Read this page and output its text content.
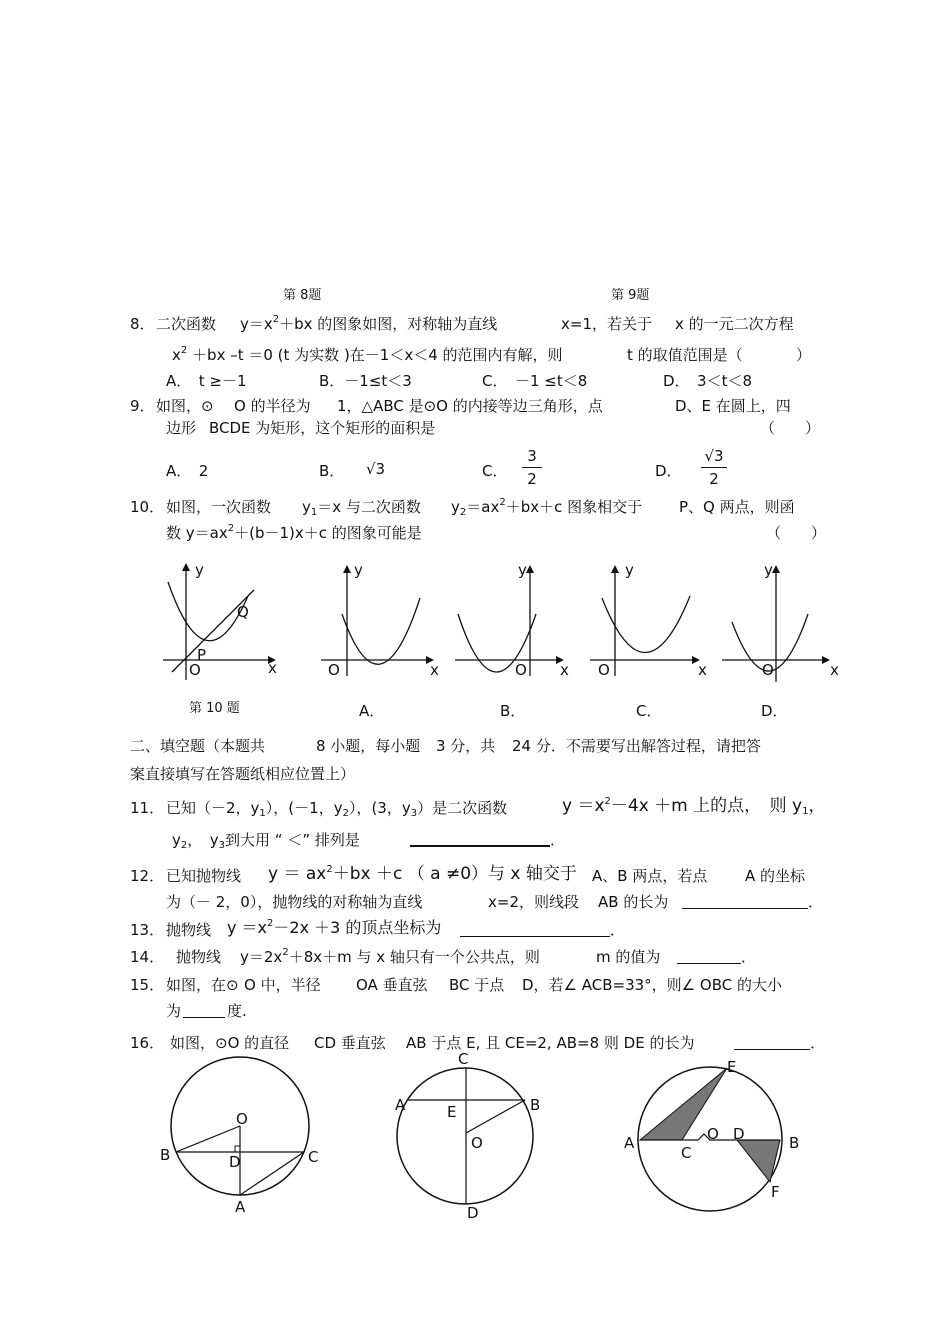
第 8题	第 9题
8． 二次函数 $y=x^2+bx$ 的图象如图，对称轴为直线	x=1，若关于 x 的一元二次方程
$x^2 +bx$ –t ＝0 (t 为实数 )在－1＜x＜4 的范围内有解，则	t 的取值范围是（	）
A．　t ≥－1	B．－1≤t＜3	C．　－1 ≤t＜8	D．　3＜t＜8
9． 如图，⊙ O 的半径为 1，△ABC 是⊙O 的内接等边三角形，点	D、E 在圆上，四
边形 BCDE 为矩形，这个矩形的面积是	（　　）
A．　2	B． √3	C．
3
2	D．
√3
2
10． 如图，一次函数 $y_1=x$ 与二次函数 $y_2=ax^2+bx+c$ 图象相交于 P、Q 两点，则函
数 $y=ax^2+(b-1)x+c$ 的图象可能是	（　　）
y
x
O
P
Q
y
x
O
y
x
O
y
x
O
y
x
O
第 10 题	A．	B．	C．	D．
二、填空题（本题共	8 小题，每小题 3 分，共 24 分．不需要写出解答过程，请把答
案直接填写在答题纸相应位置上）
11． 已知（－2，$y_1$），(－1，$y_2$），(3，$y_3$）是二次函数	$y =x^2-4x +m$ 上的点，　则 $y_1$，
$y_2$，　$y_3$到大用 “ ＜” 排列是	．
12． 已知抛物线 $y = ax^2+bx +c$ （ a ≠0）与 x 轴交于 A、B 两点，若点	A 的坐标
为（－ 2，0），抛物线的对称轴为直线	x=2，则线段 AB 的长为	．
13． 抛物线 $y =x^2-2x +3$ 的顶点坐标为	．
14． 抛物线 $y=2x^2+8x+m$ 与 x 轴只有一个公共点，则	m 的值为	．
15． 如图，在⊙ O 中，半径 OA 垂直弦 BC 于点 D，若∠ ACB=33°，则∠ OBC 的大小
为	度.
16． 如图，⊙O 的直径 CD 垂直弦 AB 于点 E, 且 CE=2, AB=8 则 DE 的长为	．
O
B	C
D
A
C
A	B
E
O
D
E
A	O D	B
C
F
